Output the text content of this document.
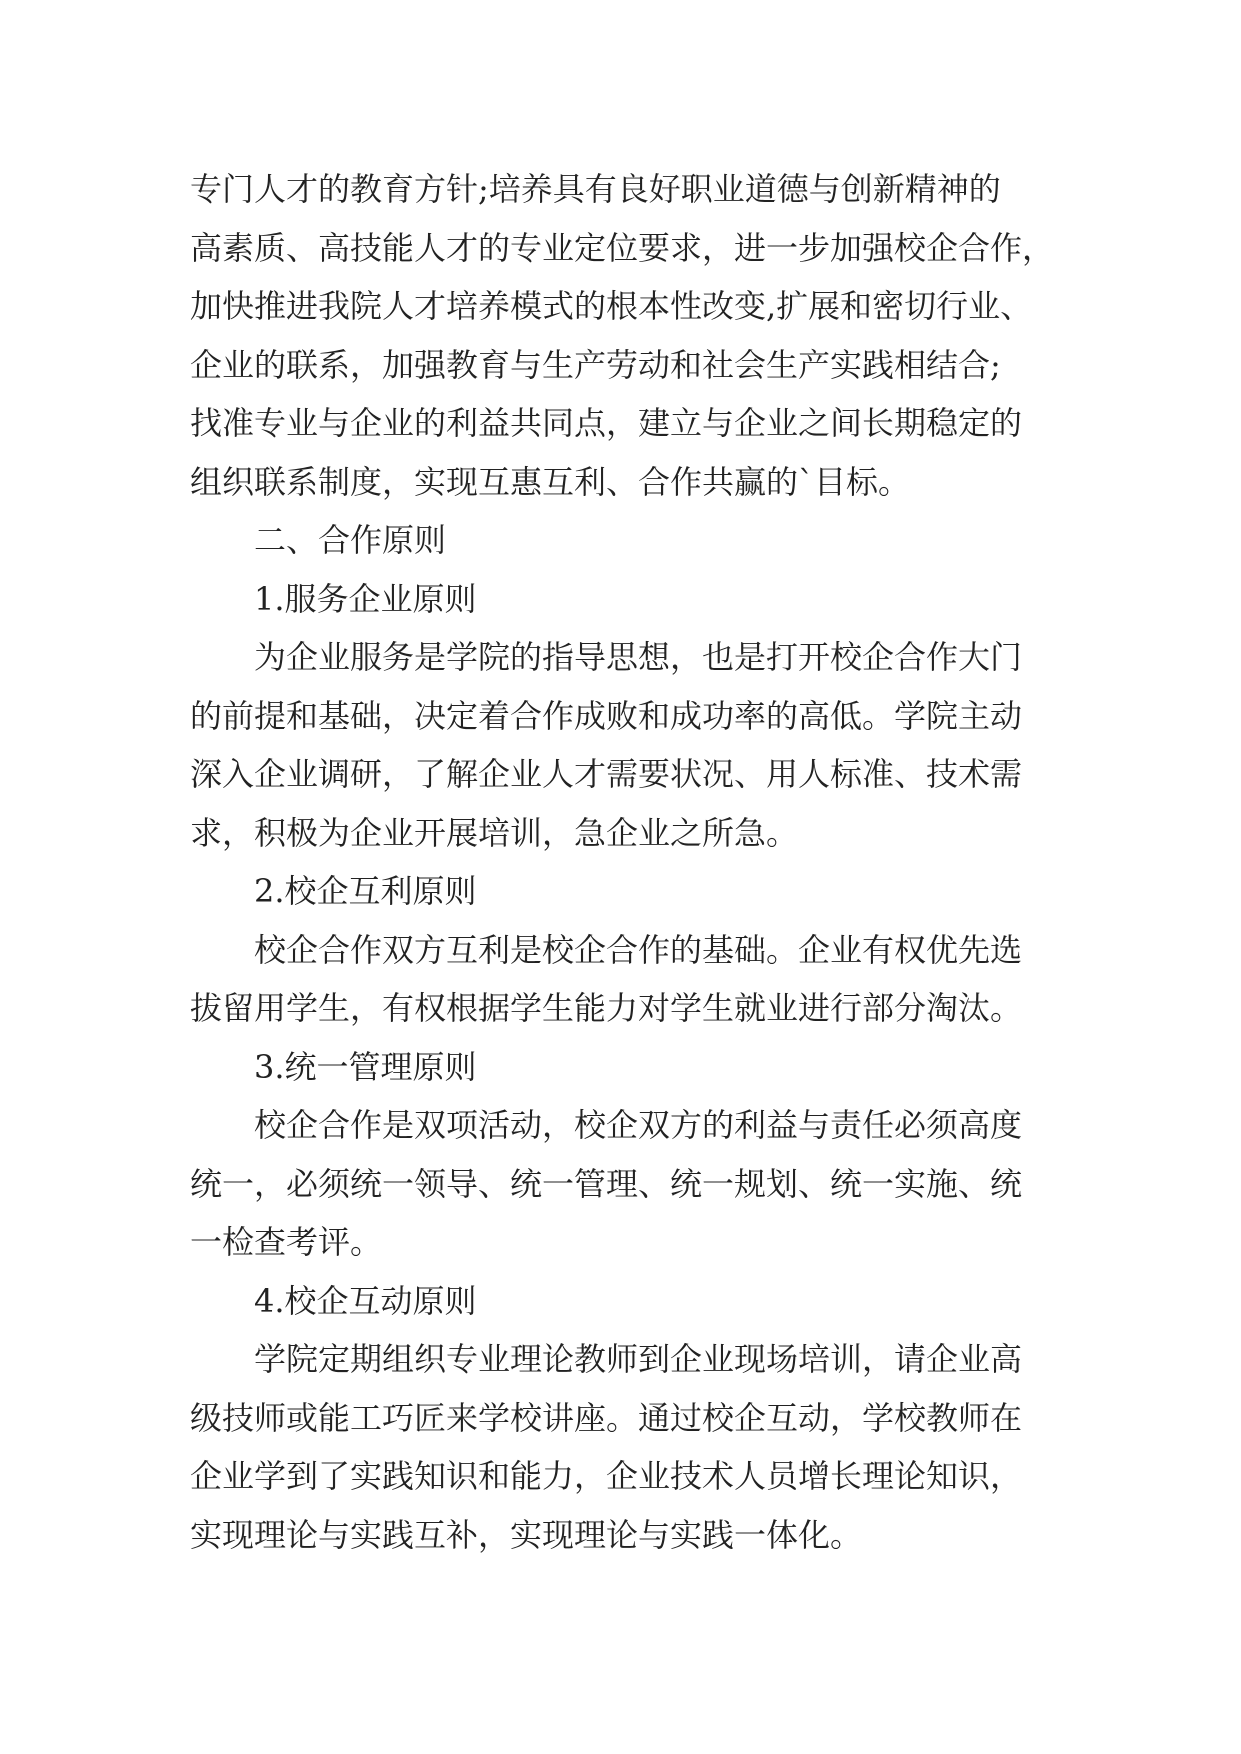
专门人才的教育方针;培养具有良好职业道德与创新精神的
高素质、高技能人才的专业定位要求，进一步加强校企合作，
加快推进我院人才培养模式的根本性改变,扩展和密切行业、
企业的联系，加强教育与生产劳动和社会生产实践相结合;
找准专业与企业的利益共同点，建立与企业之间长期稳定的
组织联系制度，实现互惠互利、合作共赢的`目标。
二、合作原则
1.服务企业原则
为企业服务是学院的指导思想，也是打开校企合作大门
的前提和基础，决定着合作成败和成功率的高低。学院主动
深入企业调研，了解企业人才需要状况、用人标准、技术需
求，积极为企业开展培训，急企业之所急。
2.校企互利原则
校企合作双方互利是校企合作的基础。企业有权优先选
拔留用学生，有权根据学生能力对学生就业进行部分淘汰。
3.统一管理原则
校企合作是双项活动，校企双方的利益与责任必须高度
统一，必须统一领导、统一管理、统一规划、统一实施、统
一检查考评。
4.校企互动原则
学院定期组织专业理论教师到企业现场培训，请企业高
级技师或能工巧匠来学校讲座。通过校企互动，学校教师在
企业学到了实践知识和能力，企业技术人员增长理论知识，
实现理论与实践互补，实现理论与实践一体化。
